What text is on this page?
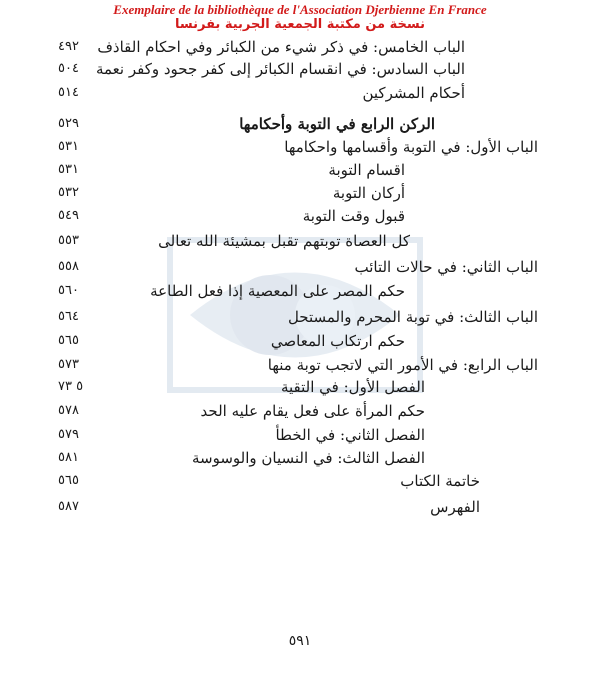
Exemplaire de la bibliothèque de l'Association Djerbienne En France
نسخة من مكتبة الجمعية الجربية بفرنسا
الباب الخامس: في ذكر شيء من الكبائر وفي احكام القاذف
٤٩٢
الباب السادس: في انقسام الكبائر إلى كفر جحود وكفر نعمة
٥٠٤
أحكام المشركين
٥١٤
الركن الرابع في التوبة وأحكامها
٥٢٩
الباب الأول: في التوبة وأقسامها واحكامها
٥٣١
اقسام التوبة
٥٣١
أركان التوبة
٥٣٢
قبول وقت التوبة
٥٤٩
كل العصاة توبتهم تقبل بمشيئة الله تعالى
٥٥٣
الباب الثاني: في حالات التائب
٥٥٨
حكم المصر على المعصية إذا فعل الطاعة
٥٦٠
الباب الثالث: في توبة المحرم والمستحل
٥٦٤
حكم ارتكاب المعاصي
٥٦٥
الباب الرابع: في الأمور التي لاتجب توبة منها
٥٧٣
الفصل الأول: في التقية
٥ ٧٣
حكم المرأة على فعل يقام عليه الحد
٥٧٨
الفصل الثاني: في الخطأ
٥٧٩
الفصل الثالث: في النسيان والوسوسة
٥٨١
خاتمة الكتاب
٥٦٥
الفهرس
٥٨٧
٥٩١
